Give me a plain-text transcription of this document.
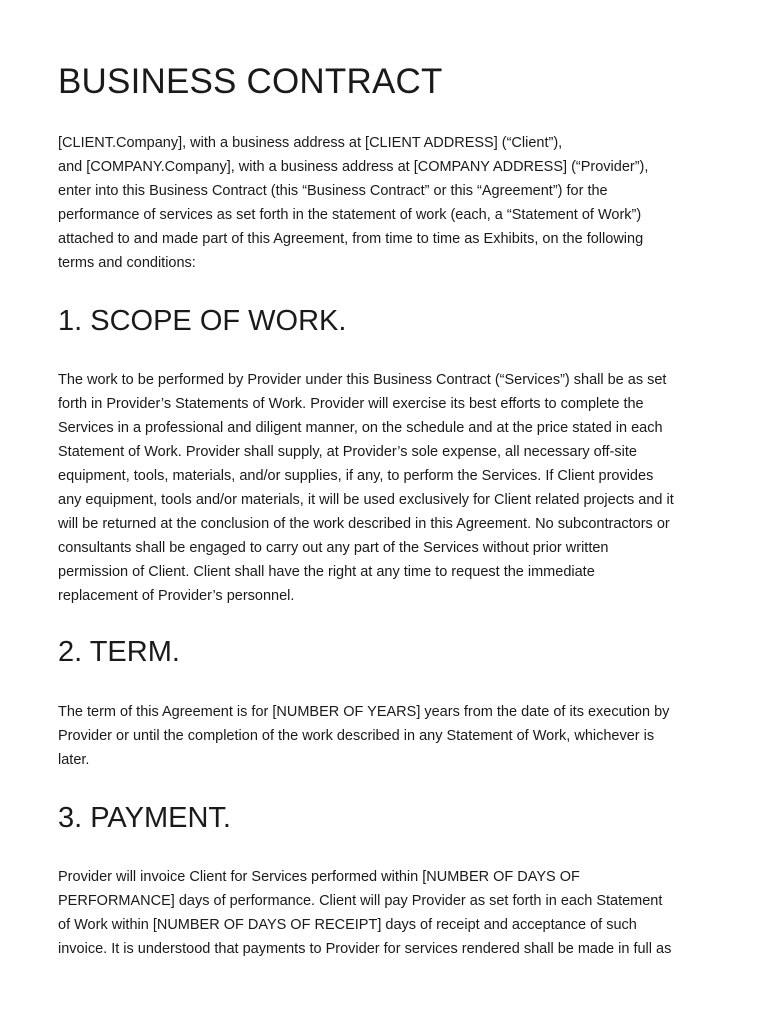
BUSINESS CONTRACT

[CLIENT.Company], with a business address at [CLIENT ADDRESS] (“Client”),
and [COMPANY.Company], with a business address at [COMPANY ADDRESS] (“Provider”),
enter into this Business Contract (this “Business Contract” or this “Agreement”) for the
performance of services as set forth in the statement of work (each, a “Statement of Work”)
attached to and made part of this Agreement, from time to time as Exhibits, on the following
terms and conditions:

1. SCOPE OF WORK.

The work to be performed by Provider under this Business Contract (“Services”) shall be as set
forth in Provider’s Statements of Work. Provider will exercise its best efforts to complete the
Services in a professional and diligent manner, on the schedule and at the price stated in each
Statement of Work. Provider shall supply, at Provider’s sole expense, all necessary off-site
equipment, tools, materials, and/or supplies, if any, to perform the Services. If Client provides
any equipment, tools and/or materials, it will be used exclusively for Client related projects and it
will be returned at the conclusion of the work described in this Agreement. No subcontractors or
consultants shall be engaged to carry out any part of the Services without prior written
permission of Client. Client shall have the right at any time to request the immediate
replacement of Provider’s personnel.

2. TERM.

The term of this Agreement is for [NUMBER OF YEARS] years from the date of its execution by
Provider or until the completion of the work described in any Statement of Work, whichever is
later.

3. PAYMENT.

Provider will invoice Client for Services performed within [NUMBER OF DAYS OF
PERFORMANCE] days of performance. Client will pay Provider as set forth in each Statement
of Work within [NUMBER OF DAYS OF RECEIPT] days of receipt and acceptance of such
invoice. It is understood that payments to Provider for services rendered shall be made in full as
